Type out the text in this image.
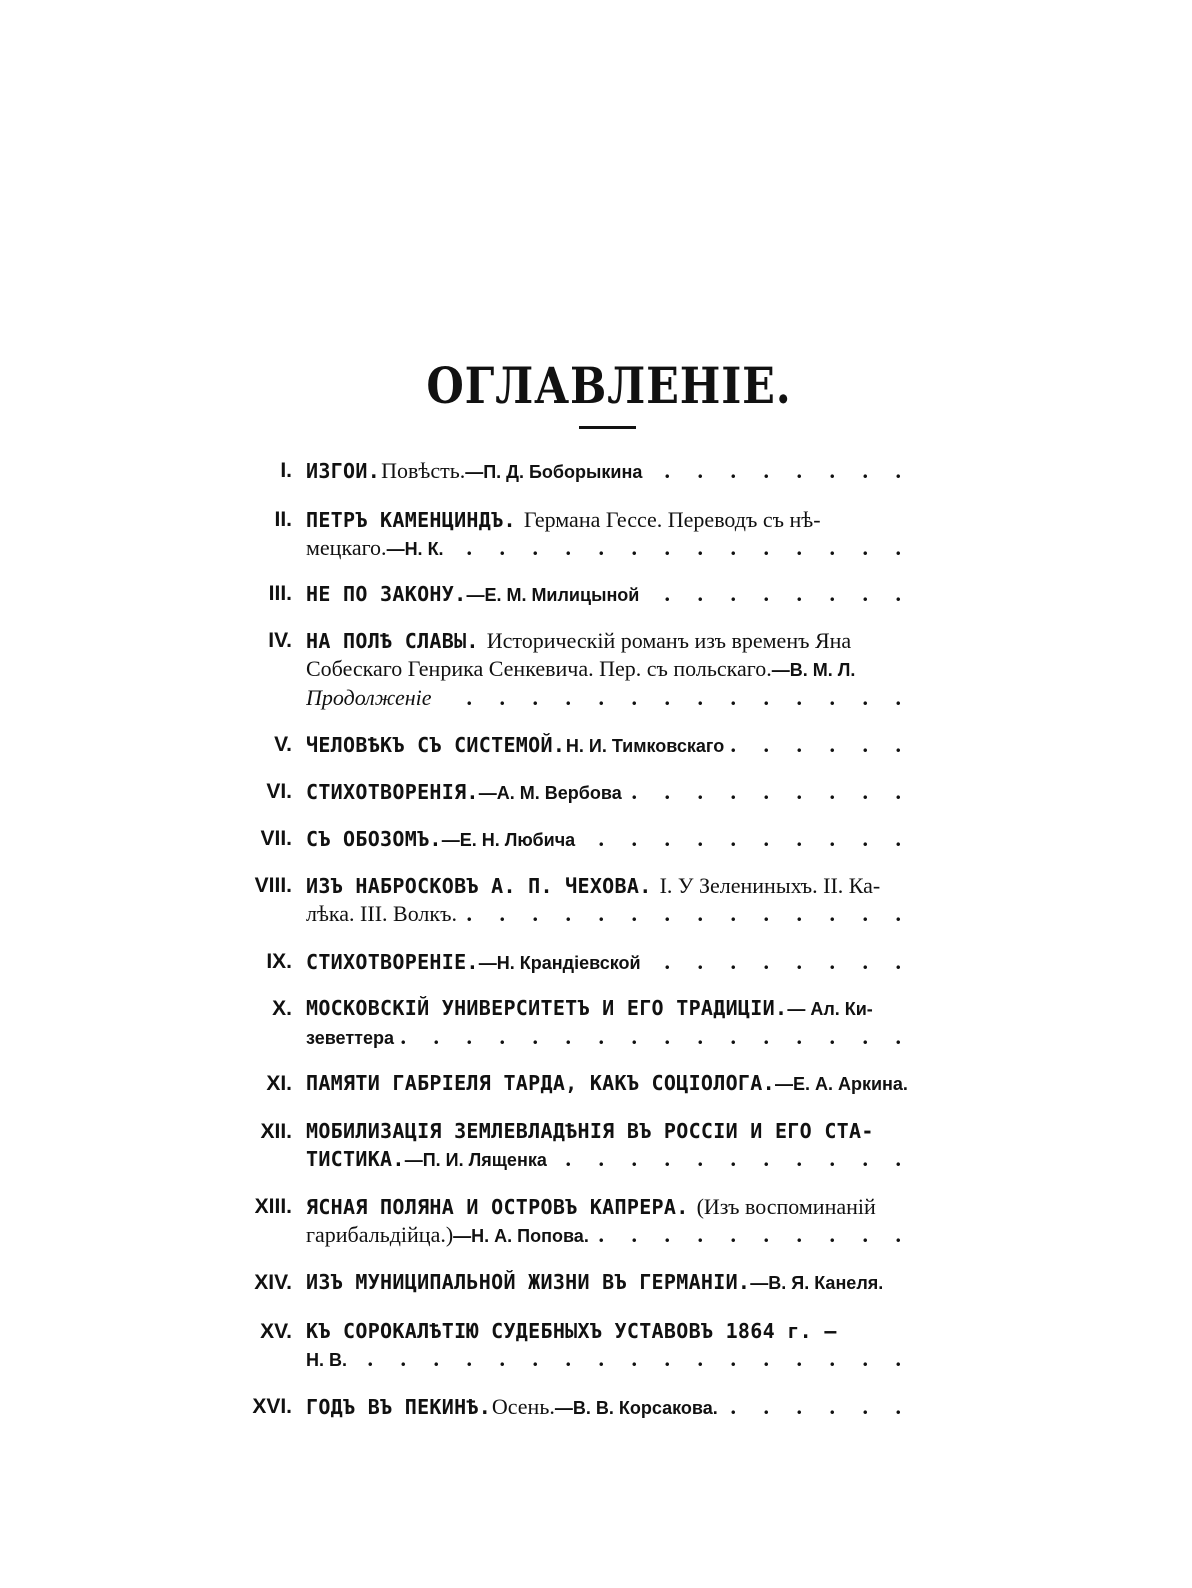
ОГЛАВЛЕНІЕ.
I. ИЗГОИ. Повѣсть. —П. Д. Боборыкина
. . .
II. ПЕТРЪ КАМЕНЦИНДЪ. Германа Гессе. Переводъ съ нѣ-
мецкаго. —Н. К.
. . .
III. НЕ ПО ЗАКОНУ. —Е. М. Милицыной
. . .
IV. НА ПОЛѢ СЛАВЫ. Историческій романъ изъ временъ Яна
Собескаго Генрика Сенкевича. Пер. съ польскаго. —В. М. Л.
Продолженіе
. . .
V. ЧЕЛОВѢКЪ СЪ СИСТЕМОЙ. Н. И. Тимковскаго
. . .
VI. СТИХОТВОРЕНІЯ. —А. М. Вербова
. . .
VII. СЪ ОБОЗОМЪ. —Е. Н. Любича
. . .
VIII. ИЗЪ НАБРОСКОВЪ А. П. ЧЕХОВА. I. У Зелениныхъ. II. Ка-
лѣка. III. Волкъ.
. . .
IX. СТИХОТВОРЕНІЕ. —Н. Крандіевской
. . .
X. МОСКОВСКІЙ УНИВЕРСИТЕТЪ И ЕГО ТРАДИЦІИ. — Ал. Ки-
зеветтера
. . .
XI. ПАМЯТИ ГАБРІЕЛЯ ТАРДА, КАКЪ СОЦІОЛОГА. —Е. А. Аркина.
XII. МОБИЛИЗАЦІЯ ЗЕМЛЕВЛАДѢНІЯ ВЪ РОССІИ И ЕГО СТА-
ТИСТИКА. —П. И. Лященка
. . .
XIII. ЯСНАЯ ПОЛЯНА И ОСТРОВЪ КАПРЕРА. (Изъ воспоминаній
гарибальдійца.) —Н. А. Попова.
. . .
XIV. ИЗЪ МУНИЦИПАЛЬНОЙ ЖИЗНИ ВЪ ГЕРМАНІИ. —В. Я. Канеля.
XV. КЪ СОРОКАЛѢТІЮ СУДЕБНЫХЪ УСТАВОВЪ 1864 г. —
Н. В.
. . .
XVI. ГОДЪ ВЪ ПЕКИНѢ. Осень. —В. В. Корсакова.
. . .
